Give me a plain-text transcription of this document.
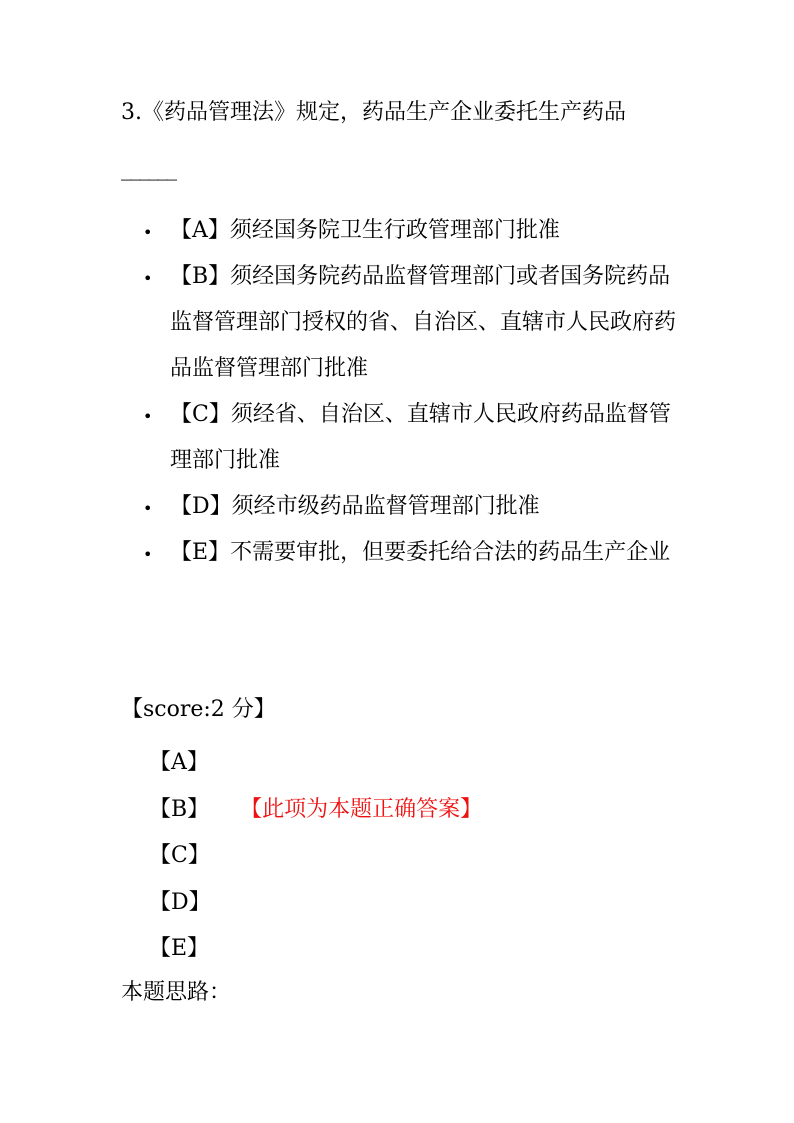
3.《药品管理法》规定，药品生产企业委托生产药品
______
• 【A】须经国务院卫生行政管理部门批准
• 【B】须经国务院药品监督管理部门或者国务院药品监督管理部门授权的省、自治区、直辖市人民政府药品监督管理部门批准
• 【C】须经省、自治区、直辖市人民政府药品监督管理部门批准
• 【D】须经市级药品监督管理部门批准
• 【E】不需要审批，但要委托给合法的药品生产企业
【score:2 分】
【A】
【B】 【此项为本题正确答案】
【C】
【D】
【E】
本题思路：
